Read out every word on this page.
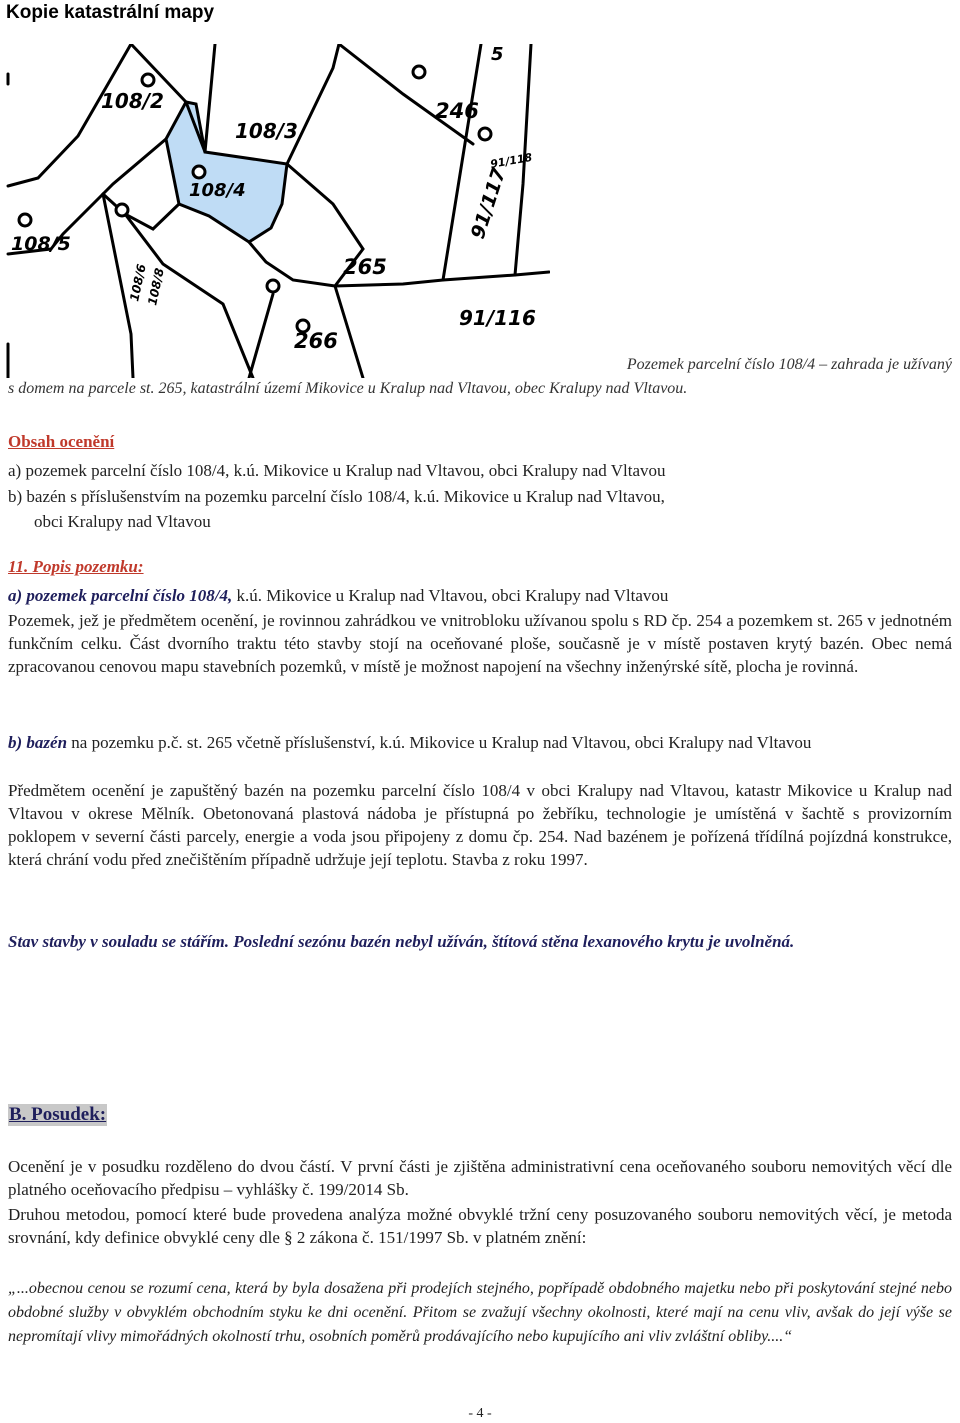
Kopie katastrální mapy
108/2
108/3
246
91/118
108/4	91/117
108/5
265
108/6
108/8
91/116
266
5
Pozemek parcelní číslo 108/4 – zahrada je užívaný
s domem na parcele st. 265, katastrální území Mikovice u Kralup nad Vltavou, obec Kralupy nad Vltavou.
Obsah ocenění
a) pozemek parcelní číslo 108/4, k.ú. Mikovice u Kralup nad Vltavou, obci Kralupy nad Vltavou
b) bazén s příslušenstvím na pozemku parcelní číslo 108/4, k.ú. Mikovice u Kralup nad Vltavou,
obci Kralupy nad Vltavou
11. Popis pozemku:
a) pozemek parcelní číslo 108/4, k.ú. Mikovice u Kralup nad Vltavou, obci Kralupy nad Vltavou
Pozemek, jež je předmětem ocenění, je rovinnou zahrádkou ve vnitrobloku užívanou spolu s RD čp. 254 a pozemkem st. 265 v jednotném funkčním celku. Část dvorního traktu této stavby stojí na oceňované ploše, současně je v místě postaven krytý bazén. Obec nemá zpracovanou cenovou mapu stavebních pozemků, v místě je možnost napojení na všechny inženýrské sítě, plocha je rovinná.
b) bazén na pozemku p.č. st. 265 včetně příslušenství, k.ú. Mikovice u Kralup nad Vltavou, obci Kralupy nad Vltavou
Předmětem ocenění je zapuštěný bazén na pozemku parcelní číslo 108/4 v obci Kralupy nad Vltavou, katastr Mikovice u Kralup nad Vltavou v okrese Mělník. Obetonovaná plastová nádoba je přístupná po žebříku, technologie je umístěná v šachtě s provizorním poklopem v severní části parcely, energie a voda jsou připojeny z domu čp. 254. Nad bazénem je pořízená třídílná pojízdná konstrukce, která chrání vodu před znečištěním případně udržuje její teplotu. Stavba z roku 1997.
Stav stavby v souladu se stářím. Poslední sezónu bazén nebyl užíván, štítová stěna lexanového krytu je uvolněná.
B. Posudek:
Ocenění je v posudku rozděleno do dvou částí. V první části je zjištěna administrativní cena oceňovaného souboru nemovitých věcí dle platného oceňovacího předpisu – vyhlášky č. 199/2014 Sb.
Druhou metodou, pomocí které bude provedena analýza možné obvyklé tržní ceny posuzovaného souboru nemovitých věcí, je metoda srovnání, kdy definice obvyklé ceny dle § 2 zákona č. 151/1997 Sb. v platném znění:
„...obecnou cenou se rozumí cena, která by byla dosažena při prodejích stejného, popřípadě obdobného majetku nebo při poskytování stejné nebo obdobné služby v obvyklém obchodním styku ke dni ocenění. Přitom se zvažují všechny okolnosti, které mají na cenu vliv, avšak do její výše se nepromítají vlivy mimořádných okolností trhu, osobních poměrů prodávajícího nebo kupujícího ani vliv zvláštní obliby....“
- 4 -
